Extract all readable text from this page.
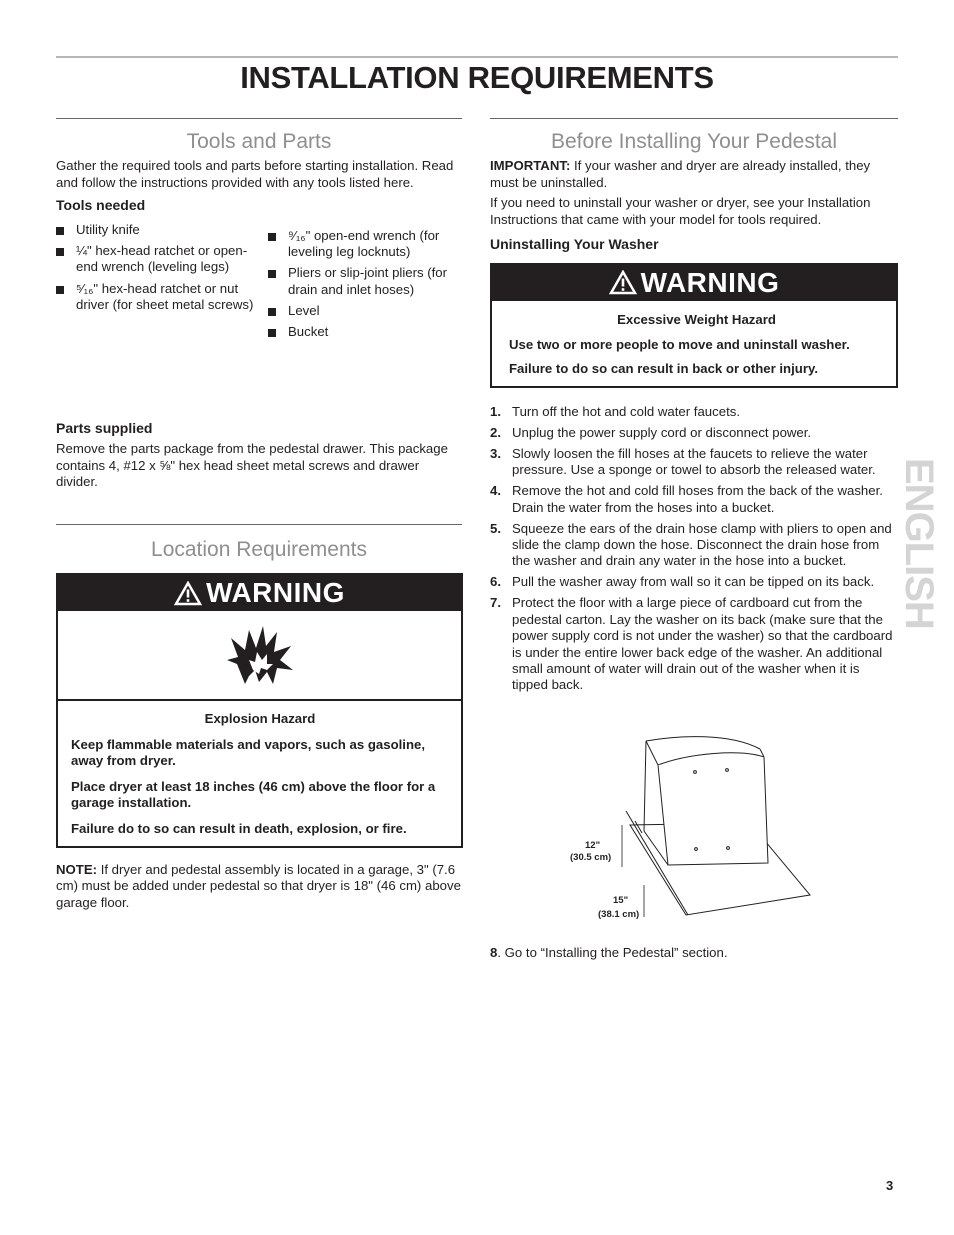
INSTALLATION REQUIREMENTS
Tools and Parts

Gather the required tools and parts before starting installation. Read and follow the instructions provided with any tools listed here.

Tools needed

Utility knife
¼" hex-head ratchet or open-end wrench (leveling legs)
⁵⁄₁₆" hex-head ratchet or nut driver (for sheet metal screws)
⁹⁄₁₆" open-end wrench (for leveling leg locknuts)
Pliers or slip-joint pliers (for drain and inlet hoses)
Level
Bucket

Parts supplied

Remove the parts package from the pedestal drawer. This package contains 4, #12 x ⅝" hex head sheet metal screws and drawer divider.

Location Requirements
WARNING
Explosion Hazard
Keep flammable materials and vapors, such as gasoline, away from dryer.
Place dryer at least 18 inches (46 cm) above the floor for a garage installation.
Failure do to so can result in death, explosion, or fire.

NOTE: If dryer and pedestal assembly is located in a garage, 3" (7.6 cm) must be added under pedestal so that dryer is 18" (46 cm) above garage floor.

Before Installing Your Pedestal

IMPORTANT: If your washer and dryer are already installed, they must be uninstalled.

If you need to uninstall your washer or dryer, see your Installation Instructions that came with your model for tools required.

Uninstalling Your Washer

WARNING
Excessive Weight Hazard
Use two or more people to move and uninstall washer.
Failure to do so can result in back or other injury.
1. Turn off the hot and cold water faucets.
2. Unplug the power supply cord or disconnect power.
3. Slowly loosen the fill hoses at the faucets to relieve the water pressure. Use a sponge or towel to absorb the released water.
4. Remove the hot and cold fill hoses from the back of the washer. Drain the water from the hoses into a bucket.
5. Squeeze the ears of the drain hose clamp with pliers to open and slide the clamp down the hose. Disconnect the drain hose from the washer and drain any water in the hose into a bucket.
6. Pull the washer away from wall so it can be tipped on its back.
7. Protect the floor with a large piece of cardboard cut from the pedestal carton. Lay the washer on its back (make sure that the power supply cord is not under the washer) so that the cardboard is under the entire lower back edge of the washer. An additional small amount of water will drain out of the washer when it is tipped back.
12"
(30.5 cm)
15"
(38.1 cm)

8. Go to “Installing the Pedestal” section.

ENGLISH
3
